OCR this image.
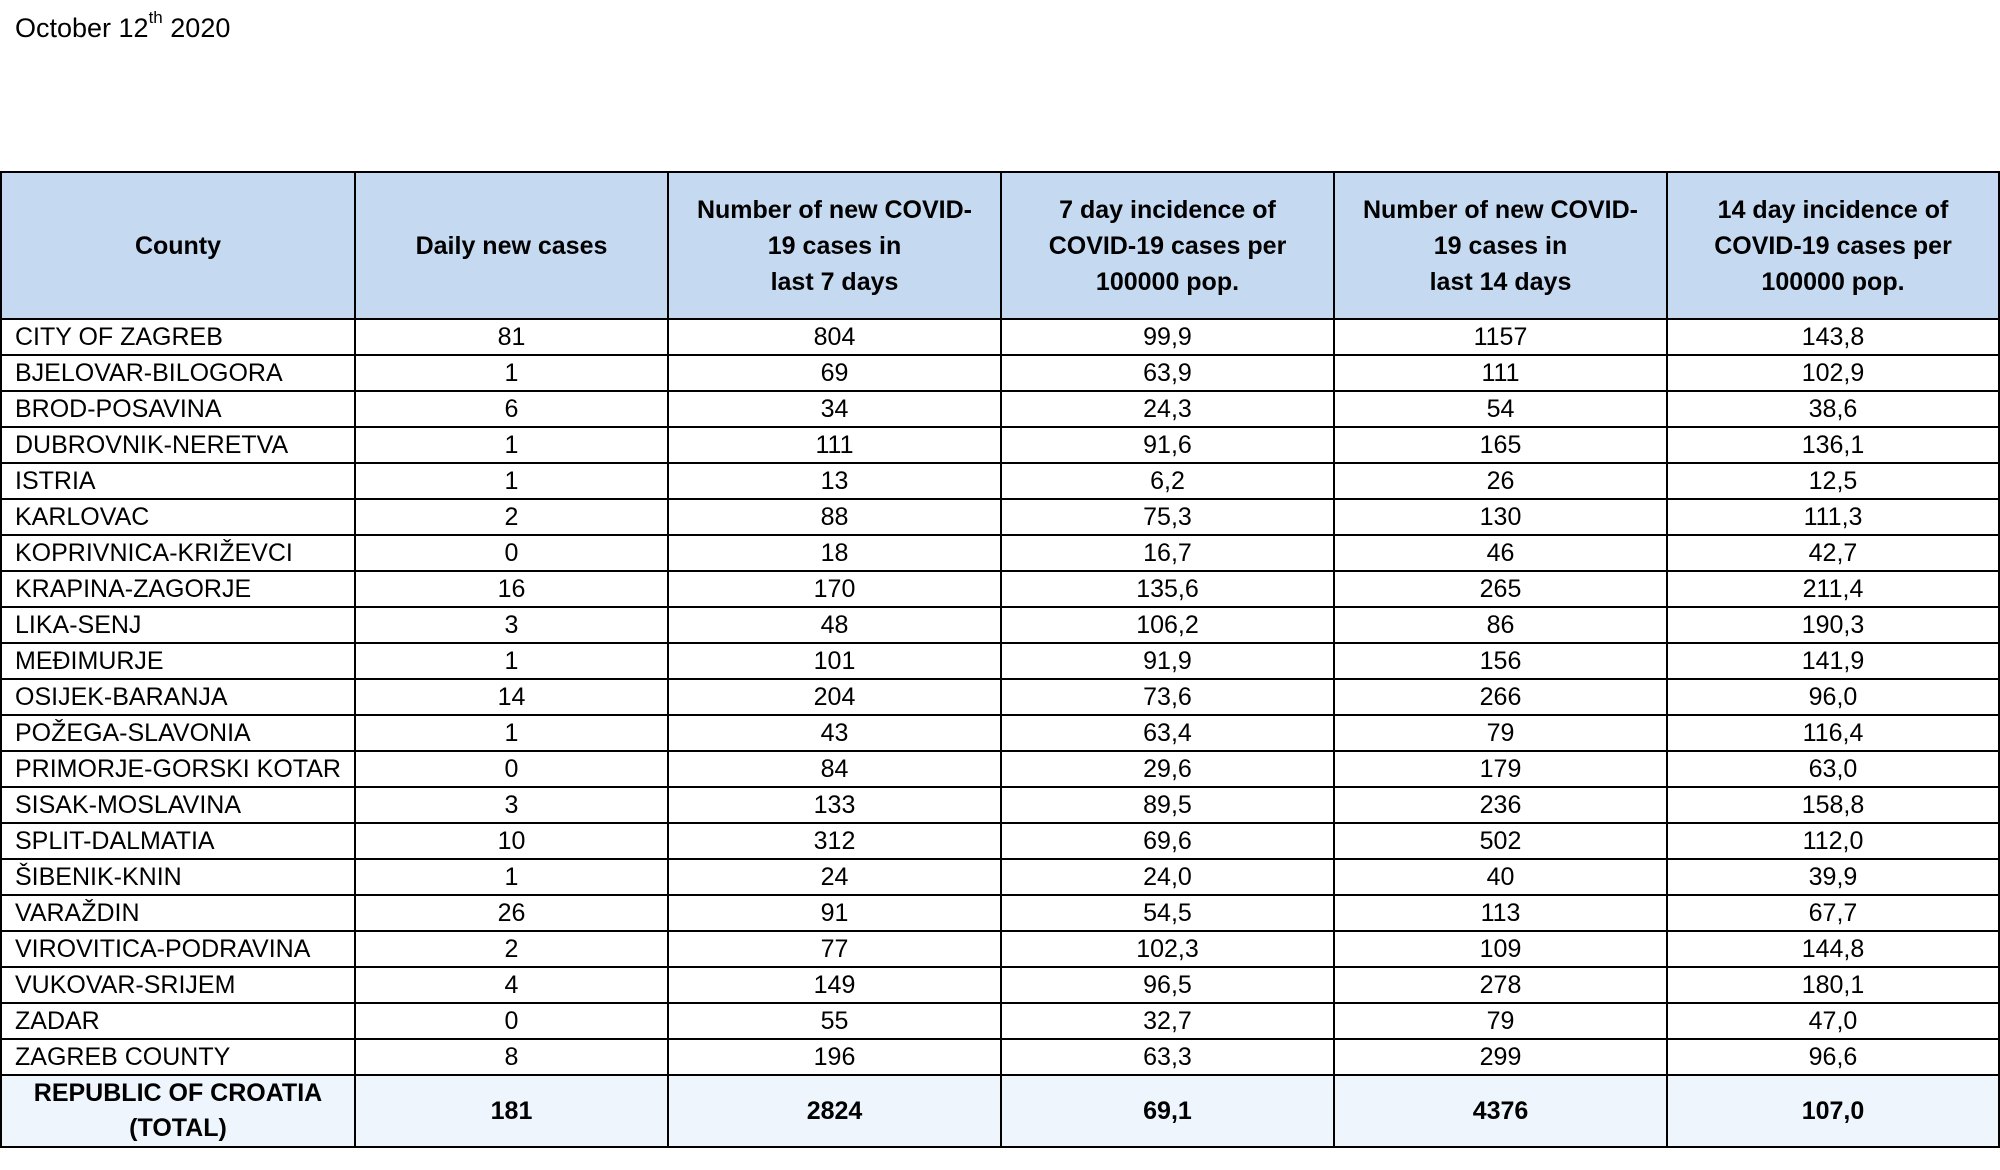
October 12th 2020
County	Daily new cases	Number of new COVID-
19 cases in
last 7 days	7 day incidence of
COVID-19 cases per
100000 pop.	Number of new COVID-
19 cases in
last 14 days	14 day incidence of
COVID-19 cases per
100000 pop.

CITY OF ZAGREB	81	804	99,9	1157	143,8
BJELOVAR-BILOGORA	1	69	63,9	111	102,9
BROD-POSAVINA	6	34	24,3	54	38,6
DUBROVNIK-NERETVA	1	111	91,6	165	136,1
ISTRIA	1	13	6,2	26	12,5
KARLOVAC	2	88	75,3	130	111,3
KOPRIVNICA-KRIŽEVCI	0	18	16,7	46	42,7
KRAPINA-ZAGORJE	16	170	135,6	265	211,4
LIKA-SENJ	3	48	106,2	86	190,3
MEĐIMURJE	1	101	91,9	156	141,9
OSIJEK-BARANJA	14	204	73,6	266	96,0
POŽEGA-SLAVONIA	1	43	63,4	79	116,4
PRIMORJE-GORSKI KOTAR	0	84	29,6	179	63,0
SISAK-MOSLAVINA	3	133	89,5	236	158,8
SPLIT-DALMATIA	10	312	69,6	502	112,0
ŠIBENIK-KNIN	1	24	24,0	40	39,9
VARAŽDIN	26	91	54,5	113	67,7
VIROVITICA-PODRAVINA	2	77	102,3	109	144,8
VUKOVAR-SRIJEM	4	149	96,5	278	180,1
ZADAR	0	55	32,7	79	47,0
ZAGREB COUNTY	8	196	63,3	299	96,6

REPUBLIC OF CROATIA
(TOTAL)	181	2824	69,1	4376	107,0
